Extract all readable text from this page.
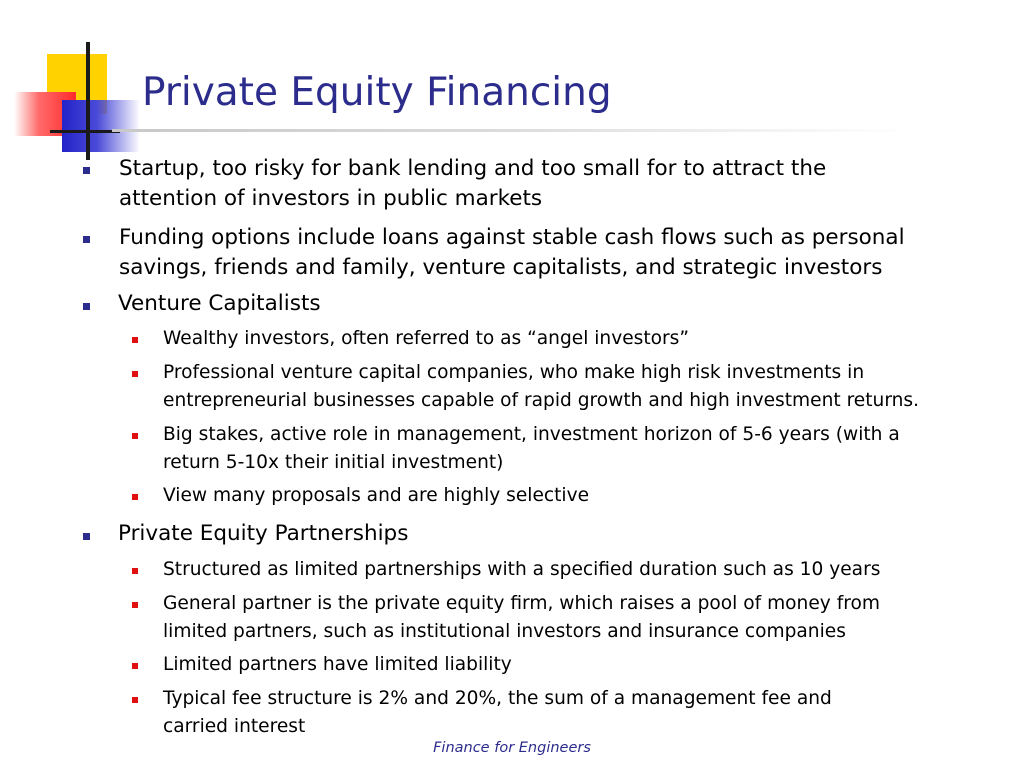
Private Equity Financing
Startup, too risky for bank lending and too small for to attract the
attention of investors in public markets
Funding options include loans against stable cash flows such as personal
savings, friends and family, venture capitalists, and strategic investors
Venture Capitalists
Wealthy investors, often referred to as “angel investors”
Professional venture capital companies, who make high risk investments in
entrepreneurial businesses capable of rapid growth and high investment returns.
Big stakes, active role in management, investment horizon of 5-6 years (with a
return 5-10x their initial investment)
View many proposals and are highly selective
Private Equity Partnerships
Structured as limited partnerships with a specified duration such as 10 years
General partner is the private equity firm, which raises a pool of money from
limited partners, such as institutional investors and insurance companies
Limited partners have limited liability
Typical fee structure is 2% and 20%, the sum of a management fee and
carried interest
Finance for Engineers
